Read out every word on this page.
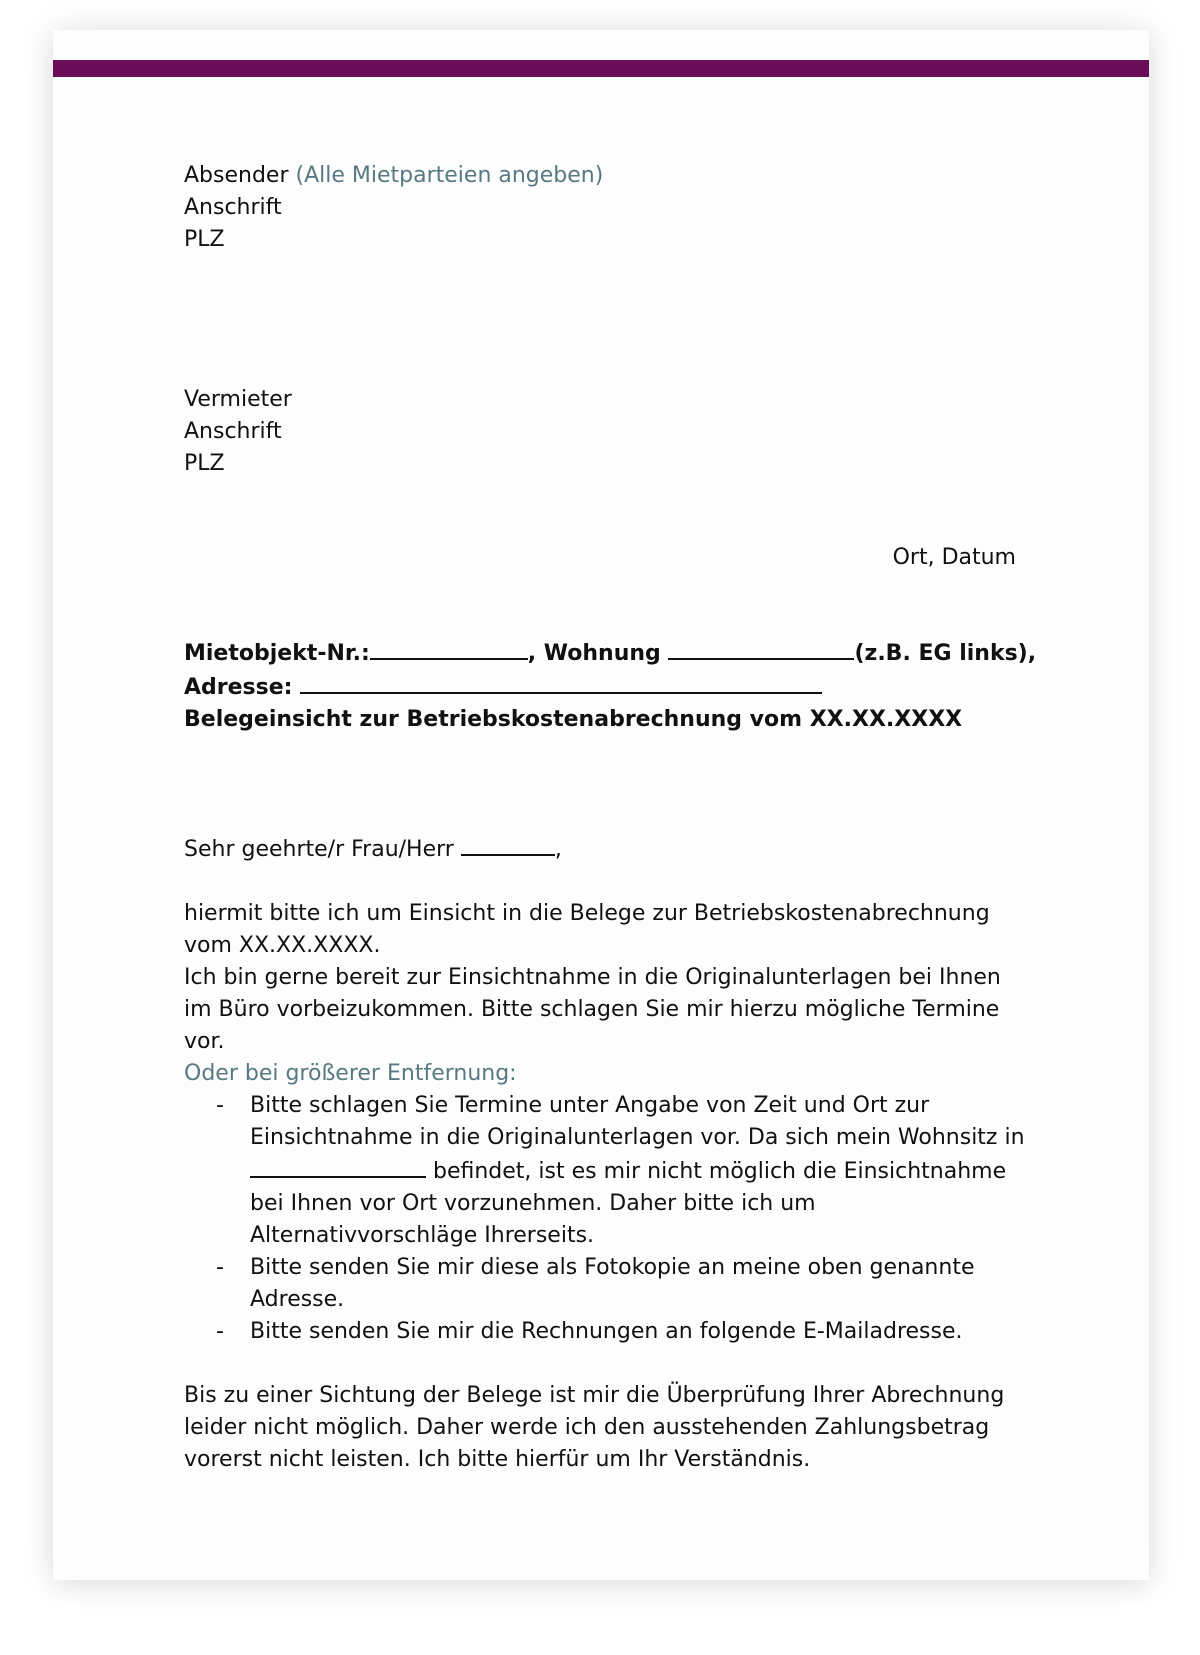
Absender (Alle Mietparteien angeben)
Anschrift
PLZ
Vermieter
Anschrift
PLZ
Ort, Datum
Mietobjekt-Nr.:	, Wohnung	(z.B. EG links),
Adresse:
Belegeinsicht zur Betriebskostenabrechnung vom XX.XX.XXXX
Sehr geehrte/r Frau/Herr	,
hiermit bitte ich um Einsicht in die Belege zur Betriebskostenabrechnung
vom XX.XX.XXXX.
Ich bin gerne bereit zur Einsichtnahme in die Originalunterlagen bei Ihnen
im Büro vorbeizukommen. Bitte schlagen Sie mir hierzu mögliche Termine
vor.
Oder bei größerer Entfernung:
- Bitte schlagen Sie Termine unter Angabe von Zeit und Ort zur
Einsichtnahme in die Originalunterlagen vor. Da sich mein Wohnsitz in
befindet, ist es mir nicht möglich die Einsichtnahme
bei Ihnen vor Ort vorzunehmen. Daher bitte ich um
Alternativvorschläge Ihrerseits.
- Bitte senden Sie mir diese als Fotokopie an meine oben genannte
Adresse.
- Bitte senden Sie mir die Rechnungen an folgende E-Mailadresse.
Bis zu einer Sichtung der Belege ist mir die Überprüfung Ihrer Abrechnung
leider nicht möglich. Daher werde ich den ausstehenden Zahlungsbetrag
vorerst nicht leisten. Ich bitte hierfür um Ihr Verständnis.
